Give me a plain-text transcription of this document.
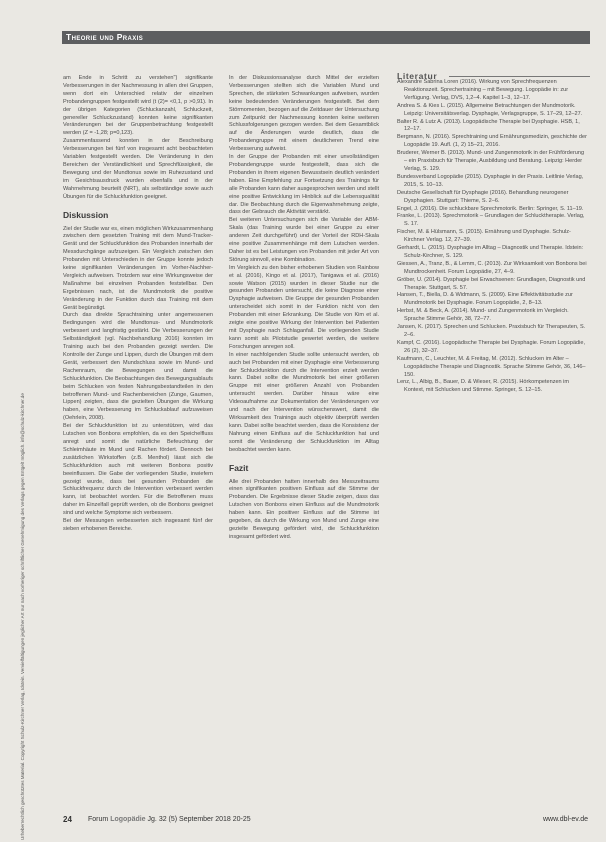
Theorie und Praxis
Urheberrechtlich geschütztes Material. Copyright Schulz-Kirchner Verlag, Idstein. Vervielfältigungen jeglicher Art nur nach vorheriger schriftlicher Genehmigung des Verlags gegen Entgelt möglich. info@schulz-kirchner.de

am Ende in Schritt zu verstehen") signifikante Verbesserungen in der Nachmessung in allen drei Gruppen, wenn dort ein Unterschied relativ der einzelnen Probandengruppen festgestellt wird (t (2)= <0,1, p >0,91). In der übrigen Kategorien (Schluckanzahl, Schluckzeit, genereller Schluckzustand) konnten keine signifikanten Veränderungen bei der Gruppenbetrachtung festgestellt werden (Z = -1,28; p=0,123).

Zusammenfassend konnten in der Beschreibung Verbesserungen bei fünf von insgesamt acht beobachteten Variablen festgestellt werden. Die Veränderung in den Bereichen der Verständlichkeit und Sprechflüssigkeit, die Bewegung und der Mundtonus sowie im Ruhezustand und im Gesichtsausdruck wurden ebenfalls und in der Wahrnehmung beurteilt (NRT), als selbständige sowie auch Übungen für die Schluckfunktion geeignet.

Diskussion

Ziel der Studie war es, einen möglichen Wirkzusammenhang zwischen dem gesetzten Training mit dem Mund-Tracker-Gerät und der Schluckfunktion des Probanden innerhalb der Messdurchgänge aufzuzeigen. Ein Vergleich zwischen den Probanden mit Unterschieden in der Gruppe konnte jedoch keine signifikanten Veränderungen im Vorher-Nachher-Vergleich aufweisen. Trotzdem war eine Wirkungsweise der Maßnahme bei einzelnen Probanden feststellbar. Den Ergebnissen nach, ist die Mundmotorik die positive Veränderung in der Funktion durch das Training mit dem Gerät begünstigt.

Durch das direkte Sprachtraining unter angemessenen Bedingungen wird die Mundtonus- und Mundmotorik verbessert und langfristig gestärkt. Die Verbesserungen der Selbständigkeit (vgl. Nachbehandlung 2016) konnten im Training auch bei den Probanden gezeigt werden. Die Kontrolle der Zunge und Lippen, durch die Übungen mit dem Gerät, verbessert den Mundschluss sowie im Mund- und Rachenraum, die Bewegungen und damit die Schluckfunktion. Die Beobachtungen des Bewegungsablaufs beim Schlucken von festen Nahrungsbestandteilen in den betroffenen Mund- und Rachenbereichen (Zunge, Gaumen, Lippen) zeigten, dass die gezielten Übungen die Wirkung haben, eine Verbesserung im Schluckablauf aufzuweisen (Oehrlein, 2008).

Bei der Schluckfunktion ist zu unterstützen, wird das Lutschen von Bonbons empfohlen, da es den Speichelfluss anregt und somit die natürliche Befeuchtung der Schleimhäute im Mund und Rachen fördert. Dennoch bei zusätzlichen Wirkstoffen (z.B. Menthol) lässt sich die Schluckfunktion auch mit weiteren Bonbons positiv beeinflussen. Die Gabe der vorliegenden Studie, inwiefern gezeigt wurde, dass bei gesunden Probanden die Schluckfrequenz durch die Intervention verbessert werden kann, ist beobachtet worden. Für die Betroffenen muss daher im Einzelfall geprüft werden, ob die Bonbons geeignet sind und welche Symptome sich verbessern.

Bei der Messungen verbesserten sich insgesamt fünf der sieben erhobenen Bereiche.

In der Diskussionsanalyse durch Mittel der erzielten Verbesserungen stellten sich die Variablen Mund und Sprechen, die stärksten Schwankungen aufweisen, wurden keine bedeutenden Veränderungen festgestellt. Bei dem Störmomenten, bezogen auf die Zeitdauer der Untersuchung zum Zeitpunkt der Nachmessung konnten keine weiteren Schlussfolgerungen gezogen werden. Bei dem Gesamtblick auf die Änderungen wurde deutlich, dass die Probandengruppe mit einem deutlicheren Trend eine Verbesserung aufweist.

In der Gruppe der Probanden mit einer unvollständigen Probandengruppe wurde festgestellt, dass sich die Probanden in ihrem eigenen Bewusstsein deutlich verändert haben. Eine Empfehlung zur Fortsetzung des Trainings für alle Probanden kann daher ausgesprochen werden und stellt eine positive Entwicklung im Hinblick auf die Lebensqualität dar. Die Beobachtung durch die Eigenwahrnehmung zeigte, dass der Gebrauch die Aktivität verstärkt.

Bei weiteren Untersuchungen sich die Variable der ABM-Skala (das Training wurde bei einer Gruppe zu einer anderen Zeit durchgeführt) und der Vorteil der RDH-Skala eine positive Zusammenhänge mit dem Lutschen werden. Daher ist es bei Leistungen von Probanden mit jeder Art von Störung sinnvoll, eine Kombination.

Im Vergleich zu den bisher erhobenen Studien von Rainbow et al. (2016), Kingo et al. (2017), Tanigawa et al. (2016) sowie Watson (2015) wurden in dieser Studie nur die gesunden Probanden untersucht, die keine Diagnose einer Dysphagie aufweisen. Die Gruppe der gesunden Probanden unterscheidet sich somit in der Funktion nicht von den Probanden mit einer Erkrankung. Die Studie von Kim et al. zeigte eine positive Wirkung der Intervention bei Patienten mit Dysphagie nach Schlaganfall. Die vorliegenden Studie kann somit als Pilotstudie gewertet werden, die weitere Forschungen anregen soll.

In einer nachfolgenden Studie sollte untersucht werden, ob auch bei Probanden mit einer Dysphagie eine Verbesserung der Schluckfunktion durch die Intervention erzielt werden kann. Dabei sollte die Mundmotorik bei einer größeren Gruppe mit einer größeren Anzahl von Probanden untersucht werden. Darüber hinaus wäre eine Videoaufnahme zur Dokumentation der Veränderungen vor und nach der Intervention wünschenswert, damit die Wirksamkeit des Trainings auch objektiv überprüft werden kann. Dabei sollte beachtet werden, dass die Konsistenz der Nahrung einen Einfluss auf die Schluckfunktion hat und somit die Veränderung der Schluckfunktion im Alltag beobachtet werden kann.

Fazit

Alle drei Probanden hatten innerhalb des Messzeitraums einen signifikanten positiven Einfluss auf die Stimme der Probanden. Die Ergebnisse dieser Studie zeigen, dass das Lutschen von Bonbons einen Einfluss auf die Mundmotorik haben kann. Ein positiver Einfluss auf die Stimme ist gegeben, da durch die Wirkung von Mund und Zunge eine gezielte Bewegung gefördert wird, die Schluckfunktion insgesamt gefördert wird.

Literatur

Alexandre Sabrina Loren (2016). Wirkung von Sprechfrequenzen Reaktionszeit. Sprechertraining – mit Bewegung. Logopädie in: zur Verfügung. Verlag, DVS, 1,2–4. Kapitel 1–3, 12–17.

Andrea S. & Kies L. (2015). Allgemeine Betrachtungen der Mundmotorik. Leipzig: Universitätsverlag. Dysphagie, Verlagsgruppe, S. 17–29, 12–27.

Balter R. & Lutz A. (2013). Logopädische Therapie bei Dysphagie. HSB, 1, 12–17.

Bergmann, N. (2016). Sprechtraining und Ernährungsmedizin, geschichte der Logopädie 19. Aufl. (1, 2) 15–21, 2016.

Bruderer, Werner B. (2013). Mund- und Zungenmotorik in der Frühförderung – ein Praxisbuch für Therapie, Ausbildung und Beratung. Leipzig: Herder Verlag, S. 129.

Bundesverband Logopädie (2015). Dysphagie in der Praxis. Leitlinie Verlag, 2015, S. 10–13.

Deutsche Gesellschaft für Dysphagie (2016). Behandlung neurogener Dysphagien. Stuttgart: Thieme, S. 2–6.

Engel, J. (2016). Die schluckbare Sprechmotorik. Berlin: Springer, S. 11–19.

Franke, L. (2013). Sprechmotorik – Grundlagen der Schlucktherapie. Verlag, S. 17.

Fischer, M. & Hülsmann, S. (2015). Ernährung und Dysphagie. Schulz-Kirchner Verlag. 12, 27–39.

Gerhardt, L. (2015). Dysphagie im Alltag – Diagnostik und Therapie. Idstein: Schulz-Kirchner, S. 129.

Giessen, A., Tranz, B., & Lemm, C. (2013). Zur Wirksamkeit von Bonbons bei Mundtrockenheit. Forum Logopädie, 27, 4–9.

Gröber, U. (2014). Dysphagie bei Erwachsenen: Grundlagen, Diagnostik und Therapie. Stuttgart, S. 57.

Hansen, T., Biella, D. & Widmann, S. (2009). Eine Effektivitätsstudie zur Mundmotorik bei Dysphagie. Forum Logopädie, 2, 8–13.

Herbst, M. & Beck, A. (2014). Mund- und Zungenmotorik im Vergleich. Sprache Stimme Gehör, 38, 72–77.

Jansen, K. (2017). Sprechen und Schlucken. Praxisbuch für Therapeuten, S. 2–6.

Kampf, C. (2016). Logopädische Therapie bei Dysphagie. Forum Logopädie, 26 (2), 32–37.

Kaufmann, C., Leuchter, M. & Freitag, M. (2012). Schlucken im Alter – Logopädische Therapie und Diagnostik. Sprache Stimme Gehör, 36, 146–150.

Lenz, L., Albig, B., Bauer, D. & Wieser, R. (2015). Hörkompetenzen im Kontext, mit Schlucken und Stimme. Springer, S. 12–15.

24 Forum Logopädie Jg. 32 (5) September 2018 20-25	www.dbl-ev.de
